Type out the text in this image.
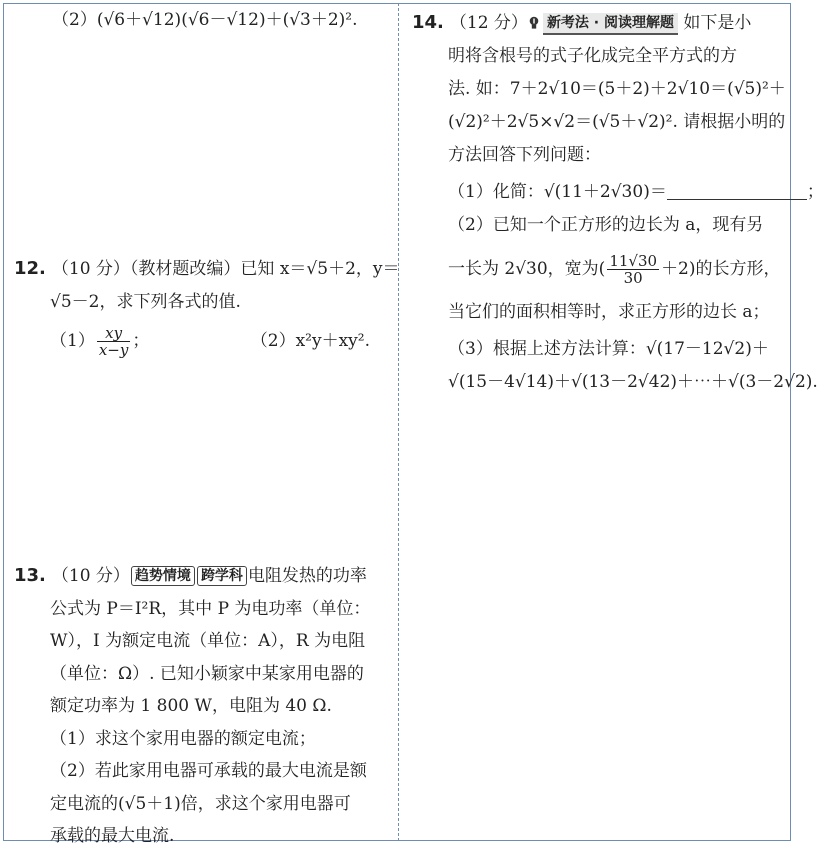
（2）(√6＋√12)(√6－√12)＋(√3＋2)².
12. （10 分）（教材题改编）已知 x＝√5＋2，y＝
√5－2，求下列各式的值.
$(1) \frac{xy}{x-y}$ ；	（2）x²y＋xy².
13. （10 分） 趋势情境 跨学科 电阻发热的功率
公式为 P＝I²R，其中 P 为电功率（单位：
W），I 为额定电流（单位：A），R 为电阻
（单位：Ω）. 已知小颖家中某家用电器的
额定功率为 1 800 W，电阻为 40 Ω.
（1）求这个家用电器的额定电流；
（2）若此家用电器可承载的最大电流是额
定电流的(√5＋1)倍，求这个家用电器可
承载的最大电流.
14. （12 分） 新考法 · 阅读理解题 如下是小
明将含根号的式子化成完全平方式的方
法. 如：7＋2√10＝(5＋2)＋2√10＝(√5)²＋
(√2)²＋2√5×√2＝(√5＋√2)². 请根据小明的
方法回答下列问题：
（1）化简：√(11＋2√30)＝	；
（2）已知一个正方形的边长为 a，现有另
一长为 2√30，宽为( $\frac{11√30}{30} +2$)的长方形，
当它们的面积相等时，求正方形的边长 a；
（3）根据上述方法计算：√(17－12√2)＋
√(15－4√14)＋√(13－2√42)＋⋯＋√(3－2√2).
